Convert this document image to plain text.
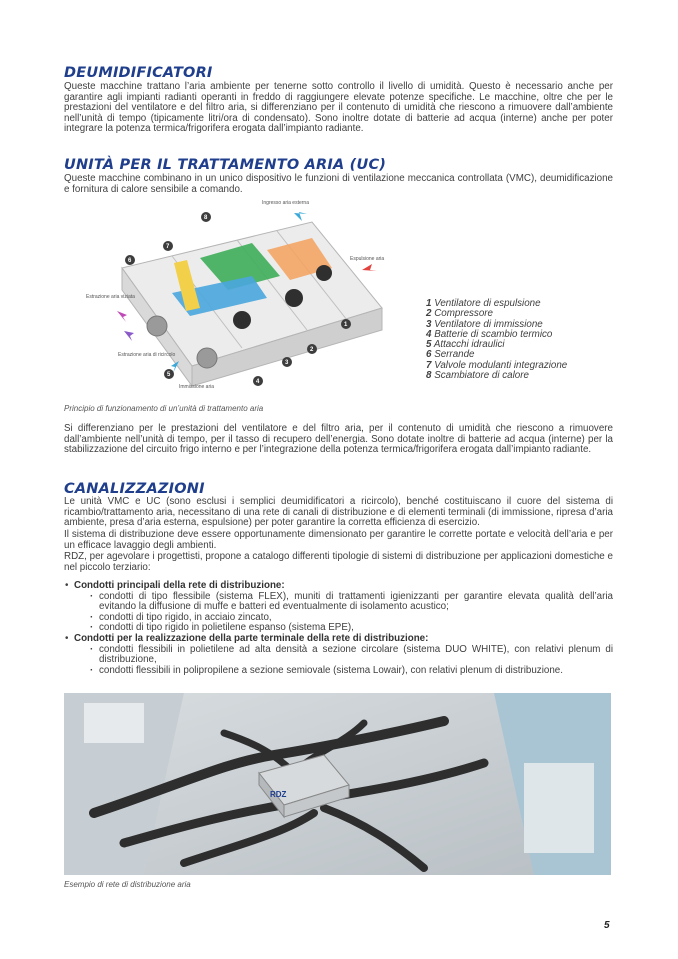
DEUMIDIFICATORI

Queste macchine trattano l’aria ambiente per tenerne sotto controllo il livello di umidità. Questo è necessario anche per garantire agli impianti radianti operanti in freddo di raggiungere elevate potenze specifiche. Le macchine, oltre che per le prestazioni del ventilatore e del filtro aria, si differenziano per il contenuto di umidità che riescono a rimuovere dall’ambiente nell’unità di tempo (tipicamente litri/ora di condensato). Sono inoltre dotate di batterie ad acqua (interne) anche per poter integrare la potenza termica/frigorifera erogata dall’impianto radiante.

UNITÀ PER IL TRATTAMENTO ARIA (UC)

Queste macchine combinano in un unico dispositivo le funzioni di ventilazione meccanica controllata (VMC), deumidificazione e fornitura di calore sensibile a comando.

Ingresso aria esterna
Espulsione aria
Estrazione aria viziata
Estrazione aria di ricircolo
Immissione aria
1
2
3
4
5
6
7
8
1 Ventilatore di espulsione
2 Compressore
3 Ventilatore di immissione
4 Batterie di scambio termico
5 Attacchi idraulici
6 Serrande
7 Valvole modulanti integrazione
8 Scambiatore di calore

Principio di funzionamento di un’unità di trattamento aria

Si differenziano per le prestazioni del ventilatore e del filtro aria, per il contenuto di umidità che riescono a rimuovere dall’ambiente nell’unità di tempo, per il tasso di recupero dell’energia. Sono dotate inoltre di batterie ad acqua (interne) per la stabilizzazione del circuito frigo interno e per l’integrazione della potenza termica/frigorifera erogata dall’impianto radiante.

CANALIZZAZIONI

Le unità VMC e UC (sono esclusi i semplici deumidificatori a ricircolo), benché costituiscano il cuore del sistema di ricambio/trattamento aria, necessitano di una rete di canali di distribuzione e di elementi terminali (di immissione, ripresa d’aria ambiente, presa d’aria esterna, espulsione) per poter garantire la corretta efficienza di esercizio.

Il sistema di distribuzione deve essere opportunamente dimensionato per garantire le corrette portate e velocità dell’aria e per un efficace lavaggio degli ambienti.

RDZ, per agevolare i progettisti, propone a catalogo differenti tipologie di sistemi di distribuzione per applicazioni domestiche e nel piccolo terziario:

• Condotti principali della rete di distribuzione:
· condotti di tipo flessibile (sistema FLEX), muniti di trattamenti igienizzanti per garantire elevata qualità dell’aria evitando la diffusione di muffe e batteri ed eventualmente di isolamento acustico;
· condotti di tipo rigido, in acciaio zincato,
· condotti di tipo rigido in polietilene espanso (sistema EPE),
• Condotti per la realizzazione della parte terminale della rete di distribuzione:
· condotti flessibili in polietilene ad alta densità a sezione circolare (sistema DUO WHITE), con relativi plenum di distribuzione,
· condotti flessibili in polipropilene a sezione semiovale (sistema Lowair), con relativi plenum di distribuzione.
RDZ

Esempio di rete di distribuzione aria

5
